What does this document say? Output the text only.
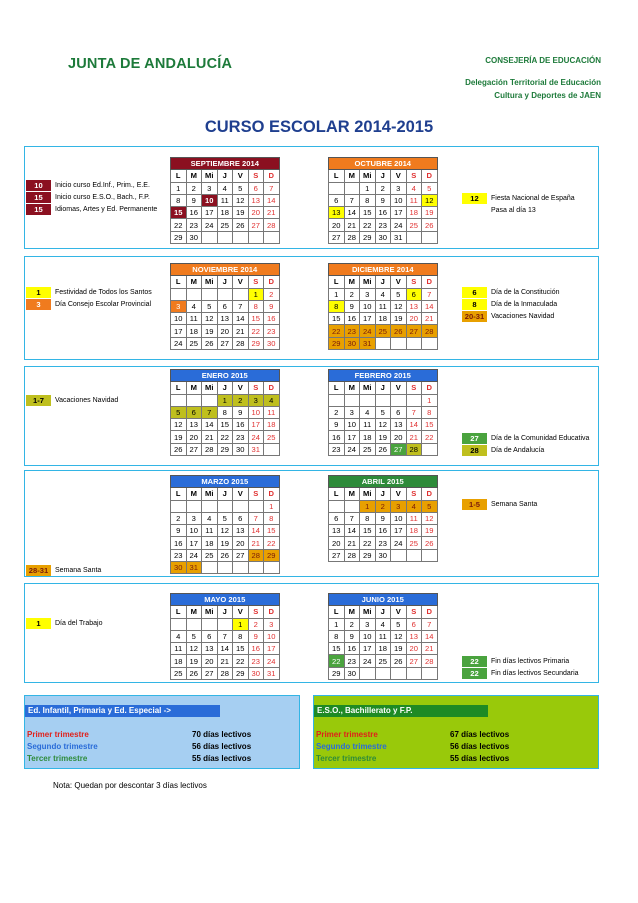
JUNTA DE ANDALUCÍA	CONSEJERÍA DE EDUCACIÓN
Delegación Territorial de Educación
Cultura y Deportes de JAEN
CURSO ESCOLAR 2014-2015
SEPTIEMBRE 2014						
L	M	Mi	J	V	S	D
1	2	3	4	5	6	7
8	9	10	11	12	13	14
15	16	17	18	19	20	21
22	23	24	25	26	27	28
29	30					
OCTUBRE 2014						
L	M	Mi	J	V	S	D
		1	2	3	4	5
6	7	8	9	10	11	12
13	14	15	16	17	18	19
20	21	22	23	24	25	26
27	28	29	30	31		
NOVIEMBRE 2014						
L	M	Mi	J	V	S	D
					1	2
3	4	5	6	7	8	9
10	11	12	13	14	15	16
17	18	19	20	21	22	23
24	25	26	27	28	29	30
DICIEMBRE 2014						
L	M	Mi	J	V	S	D
1	2	3	4	5	6	7
8	9	10	11	12	13	14
15	16	17	18	19	20	21
22	23	24	25	26	27	28
29	30	31				
ENERO 2015						
L	M	Mi	J	V	S	D
			1	2	3	4
5	6	7	8	9	10	11
12	13	14	15	16	17	18
19	20	21	22	23	24	25
26	27	28	29	30	31	
FEBRERO 2015						
L	M	Mi	J	V	S	D
						1
2	3	4	5	6	7	8
9	10	11	12	13	14	15
16	17	18	19	20	21	22
23	24	25	26	27	28	
MARZO 2015						
L	M	Mi	J	V	S	D
						1
2	3	4	5	6	7	8
9	10	11	12	13	14	15
16	17	18	19	20	21	22
23	24	25	26	27	28	29
30	31					
ABRIL 2015						
L	M	Mi	J	V	S	D
		1	2	3	4	5
6	7	8	9	10	11	12
13	14	15	16	17	18	19
20	21	22	23	24	25	26
27	28	29	30			
MAYO 2015						
L	M	Mi	J	V	S	D
				1	2	3
4	5	6	7	8	9	10
11	12	13	14	15	16	17
18	19	20	21	22	23	24
25	26	27	28	29	30	31
JUNIO 2015						
L	M	Mi	J	V	S	D
1	2	3	4	5	6	7
8	9	10	11	12	13	14
15	16	17	18	19	20	21
22	23	24	25	26	27	28
29	30					
10 Inicio curso Ed.Inf., Prim., E.E.
15 Inicio curso E.S.O., Bach., F.P.
15 Idiomas, Artes y Ed. Permanente
12 Fiesta Nacional de España
Pasa al día 13
1 Festividad de Todos los Santos
3 Día Consejo Escolar Provincial
6 Día de la Constitución
8 Día de la Inmaculada
20-31 Vacaciones Navidad
1-7 Vacaciones Navidad
27 Día de la Comunidad Educativa
28 Día de Andalucía
28-31 Semana Santa
1-5 Semana Santa
1 Día del Trabajo
22 Fin días lectivos Primaria
22 Fin días lectivos Secundaria
Ed. Infantil, Primaria y Ed. Especial ->
Primer trimestre	70 días lectivos
Segundo trimestre	56 días lectivos
Tercer trimestre	55 días lectivos
E.S.O., Bachillerato y F.P.
Primer trimestre	67 días lectivos
Segundo trimestre	56 días lectivos
Tercer trimestre	55 días lectivos
Nota: Quedan por descontar 3 días lectivos
